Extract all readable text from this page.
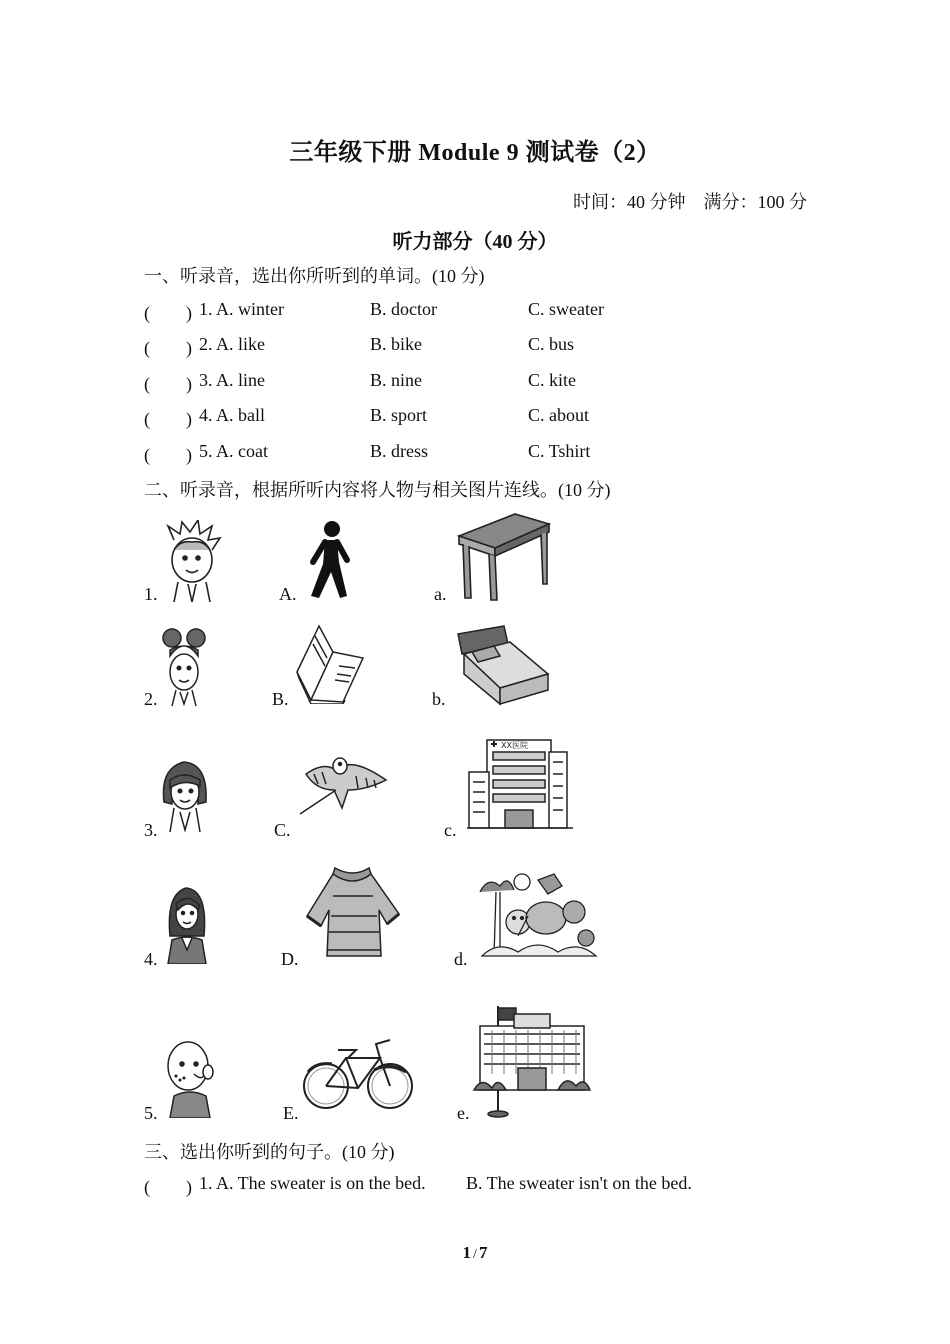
三年级下册 Module 9 测试卷（2）
时间：40 分钟　满分：100 分
听力部分（40 分）
一、听录音，选出你所听到的单词。(10 分)
(　　) 1. A. winter	B. doctor	C. sweater
(　　) 2. A. like	B. bike	C. bus
(　　) 3. A. line	B. nine	C. kite
(　　) 4. A. ball	B. sport	C. about
(　　) 5. A. coat	B. dress	C. Tshirt
二、听录音，根据所听内容将人物与相关图片连线。(10 分)
1.	A.	a.
2.	B.	b.
3.	C.	c.
XX医院
4.	D.	d.
5.	E.	e.
三、选出你听到的句子。(10 分)
(　　) 1. A. The sweater is on the bed. B. The sweater isn't on the bed.
1 / 7
